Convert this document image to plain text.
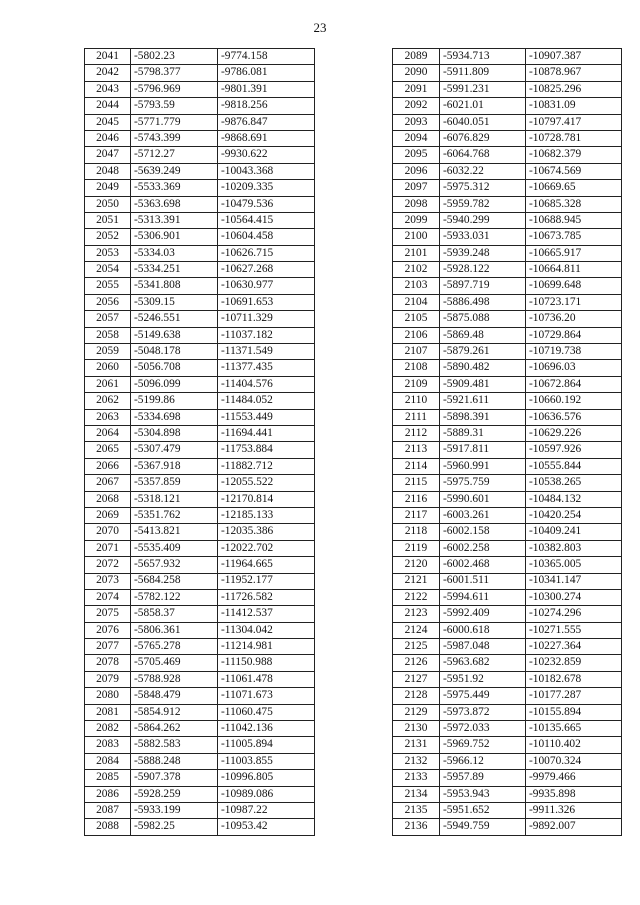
23
2041	-5802.23	-9774.158
2042	-5798.377	-9786.081
2043	-5796.969	-9801.391
2044	-5793.59	-9818.256
2045	-5771.779	-9876.847
2046	-5743.399	-9868.691
2047	-5712.27	-9930.622
2048	-5639.249	-10043.368
2049	-5533.369	-10209.335
2050	-5363.698	-10479.536
2051	-5313.391	-10564.415
2052	-5306.901	-10604.458
2053	-5334.03	-10626.715
2054	-5334.251	-10627.268
2055	-5341.808	-10630.977
2056	-5309.15	-10691.653
2057	-5246.551	-10711.329
2058	-5149.638	-11037.182
2059	-5048.178	-11371.549
2060	-5056.708	-11377.435
2061	-5096.099	-11404.576
2062	-5199.86	-11484.052
2063	-5334.698	-11553.449
2064	-5304.898	-11694.441
2065	-5307.479	-11753.884
2066	-5367.918	-11882.712
2067	-5357.859	-12055.522
2068	-5318.121	-12170.814
2069	-5351.762	-12185.133
2070	-5413.821	-12035.386
2071	-5535.409	-12022.702
2072	-5657.932	-11964.665
2073	-5684.258	-11952.177
2074	-5782.122	-11726.582
2075	-5858.37	-11412.537
2076	-5806.361	-11304.042
2077	-5765.278	-11214.981
2078	-5705.469	-11150.988
2079	-5788.928	-11061.478
2080	-5848.479	-11071.673
2081	-5854.912	-11060.475
2082	-5864.262	-11042.136
2083	-5882.583	-11005.894
2084	-5888.248	-11003.855
2085	-5907.378	-10996.805
2086	-5928.259	-10989.086
2087	-5933.199	-10987.22
2088	-5982.25	-10953.42
2089	-5934.713	-10907.387
2090	-5911.809	-10878.967
2091	-5991.231	-10825.296
2092	-6021.01	-10831.09
2093	-6040.051	-10797.417
2094	-6076.829	-10728.781
2095	-6064.768	-10682.379
2096	-6032.22	-10674.569
2097	-5975.312	-10669.65
2098	-5959.782	-10685.328
2099	-5940.299	-10688.945
2100	-5933.031	-10673.785
2101	-5939.248	-10665.917
2102	-5928.122	-10664.811
2103	-5897.719	-10699.648
2104	-5886.498	-10723.171
2105	-5875.088	-10736.20
2106	-5869.48	-10729.864
2107	-5879.261	-10719.738
2108	-5890.482	-10696.03
2109	-5909.481	-10672.864
2110	-5921.611	-10660.192
2111	-5898.391	-10636.576
2112	-5889.31	-10629.226
2113	-5917.811	-10597.926
2114	-5960.991	-10555.844
2115	-5975.759	-10538.265
2116	-5990.601	-10484.132
2117	-6003.261	-10420.254
2118	-6002.158	-10409.241
2119	-6002.258	-10382.803
2120	-6002.468	-10365.005
2121	-6001.511	-10341.147
2122	-5994.611	-10300.274
2123	-5992.409	-10274.296
2124	-6000.618	-10271.555
2125	-5987.048	-10227.364
2126	-5963.682	-10232.859
2127	-5951.92	-10182.678
2128	-5975.449	-10177.287
2129	-5973.872	-10155.894
2130	-5972.033	-10135.665
2131	-5969.752	-10110.402
2132	-5966.12	-10070.324
2133	-5957.89	-9979.466
2134	-5953.943	-9935.898
2135	-5951.652	-9911.326
2136	-5949.759	-9892.007
